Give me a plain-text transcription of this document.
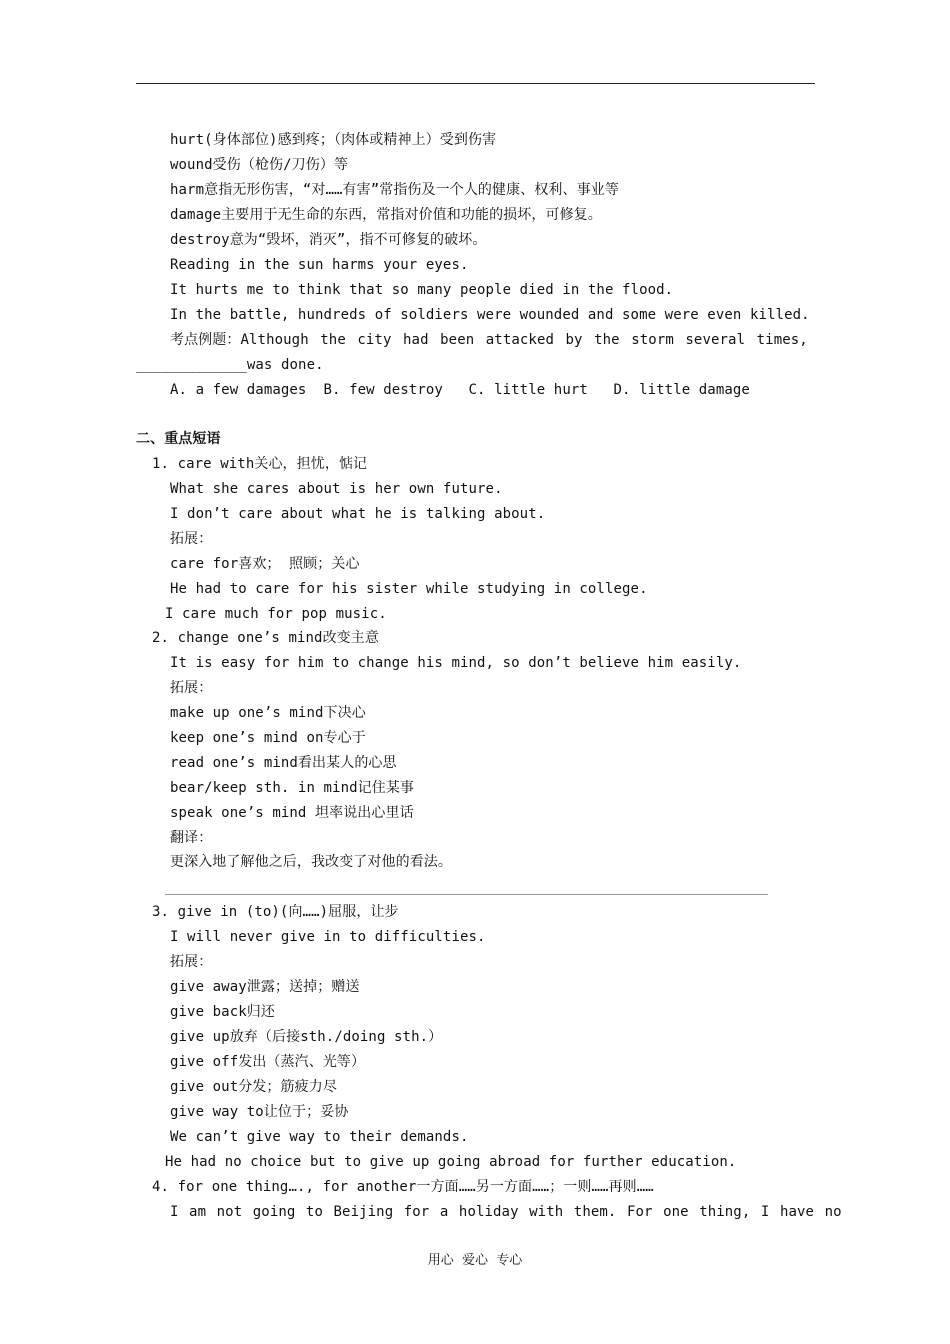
hurt(身体部位)感到疼；（肉体或精神上）受到伤害
wound受伤（枪伤/刀伤）等
harm意指无形伤害，“对……有害”常指伤及一个人的健康、权利、事业等
damage主要用于无生命的东西，常指对价值和功能的损坏，可修复。
destroy意为“毁坏，消灭”，指不可修复的破坏。
Reading in the sun harms your eyes.
It hurts me to think that so many people died in the flood.
In the battle, hundreds of soldiers were wounded and some were even killed.
考点例题：Although the city had been attacked by the storm several times,
_____________was done.
A. a few damages  B. few destroy   C. little hurt   D. little damage
二、重点短语
1. care with关心，担忧，惦记
What she cares about is her own future.
I don’t care about what he is talking about.
拓展：
care for喜欢； 照顾；关心
He had to care for his sister while studying in college.
I care much for pop music.
2. change one’s mind改变主意
It is easy for him to change his mind, so don’t believe him easily.
拓展：
make up one’s mind下决心
keep one’s mind on专心于
read one’s mind看出某人的心思
bear/keep sth. in mind记住某事
speak one’s mind 坦率说出心里话
翻译：
更深入地了解他之后，我改变了对他的看法。
3. give in (to)(向……)屈服，让步
I will never give in to difficulties.
拓展：
give away泄露；送掉；赠送
give back归还
give up放弃（后接sth./doing sth.）
give off发出（蒸汽、光等）
give out分发；筋疲力尽
give way to让位于；妥协
We can’t give way to their demands.
He had no choice but to give up going abroad for further education.
4. for one thing…., for another一方面……另一方面……；一则……再则……
I am not going to Beijing for a holiday with them. For one thing, I have no
用心  爱心  专心
